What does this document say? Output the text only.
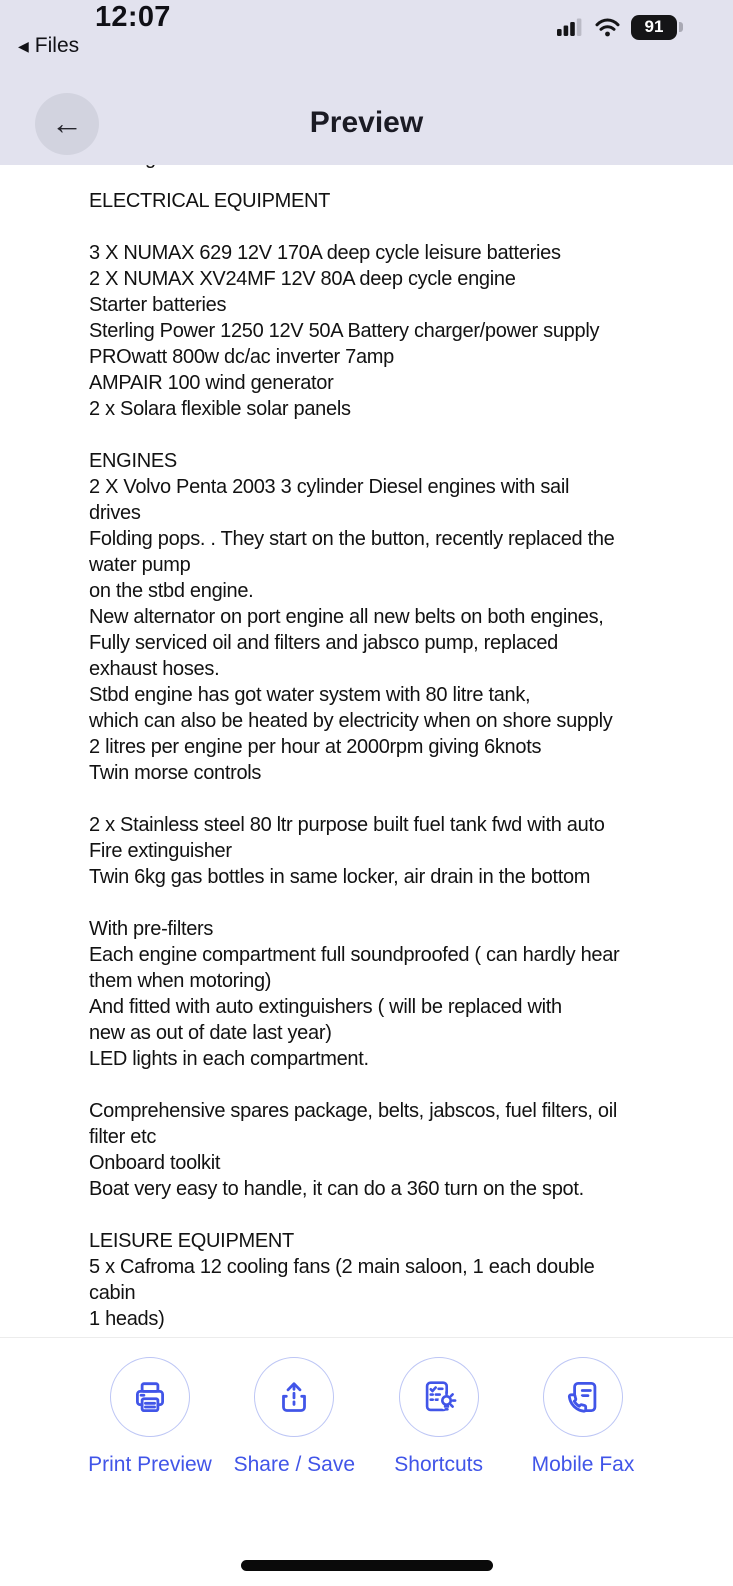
12:07
◀ Files
91
←	Preview
ELECTRICAL EQUIPMENT
3 X NUMAX 629 12V 170A deep cycle leisure batteries
2 X NUMAX XV24MF 12V 80A deep cycle engine
Starter batteries
Sterling Power 1250 12V 50A Battery charger/power supply
PROwatt 800w dc/ac inverter 7amp
AMPAIR 100 wind generator
2 x Solara flexible solar panels
ENGINES
2 X Volvo Penta 2003 3 cylinder Diesel engines with sail
drives
Folding pops. . They start on the button, recently replaced the
water pump
on the stbd engine.
New alternator on port engine all new belts on both engines,
Fully serviced oil and filters and jabsco pump, replaced
exhaust hoses.
Stbd engine has got water system with 80 litre tank,
which can also be heated by electricity when on shore supply
2 litres per engine per hour at 2000rpm giving 6knots
Twin morse controls
2 x Stainless steel 80 ltr purpose built fuel tank fwd with auto
Fire extinguisher
Twin 6kg gas bottles in same locker, air drain in the bottom
With pre-filters
Each engine compartment full soundproofed ( can hardly hear
them when motoring)
And fitted with auto extinguishers ( will be replaced with
new as out of date last year)
LED lights in each compartment.
Comprehensive spares package, belts, jabscos, fuel filters, oil
filter etc
Onboard toolkit
Boat very easy to handle, it can do a 360 turn on the spot.
LEISURE EQUIPMENT
5 x Cafroma 12 cooling fans (2 main saloon, 1 each double
cabin
1 heads)
Print Preview Share / Save Shortcuts Mobile Fax
